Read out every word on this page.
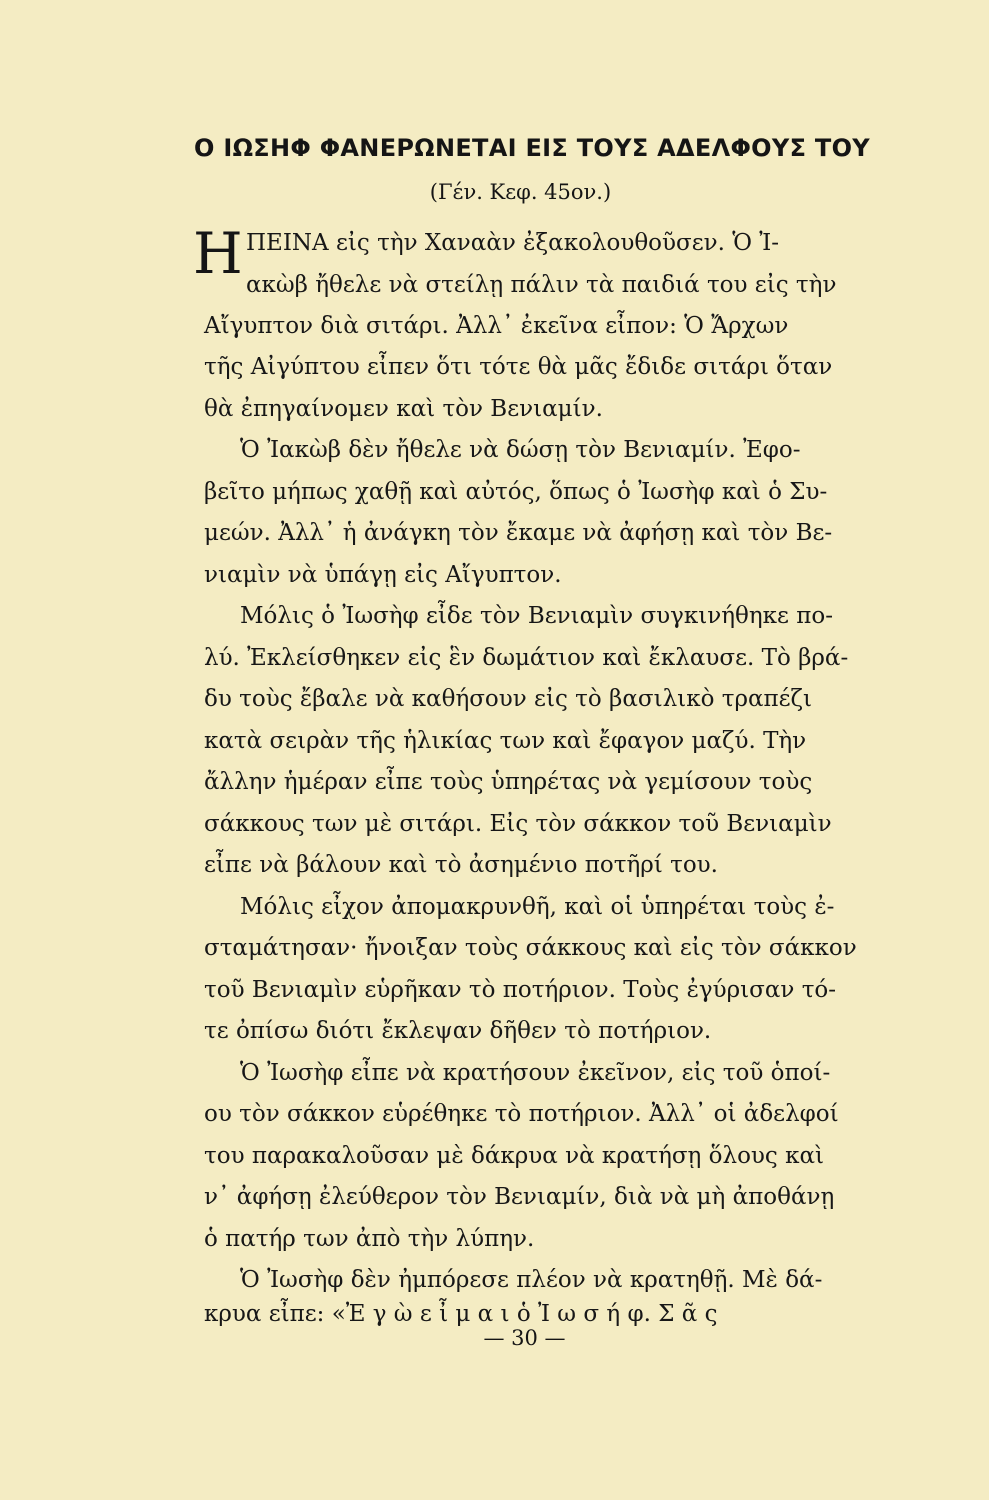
Ο ΙΩΣΗΦ ΦΑΝΕΡΩΝΕΤΑΙ ΕΙΣ ΤΟΥΣ ΑΔΕΛΦΟΥΣ ΤΟΥ
(Γέν. Κεφ. 45ον.)
Η ΠΕΙΝΑ εἰς τὴν Χαναὰν ἐξακολουθοῦσεν. Ὁ Ἰ-
ακὼβ ἤθελε νὰ στείλῃ πάλιν τὰ παιδιά του εἰς τὴν
Αἴγυπτον διὰ σιτάρι. Ἀλλ᾽ ἐκεῖνα εἶπον: Ὁ Ἄρχων
τῆς Αἰγύπτου εἶπεν ὅτι τότε θὰ μᾶς ἔδιδε σιτάρι ὅταν
θὰ ἐπηγαίνομεν καὶ τὸν Βενιαμίν.
Ὁ Ἰακὼβ δὲν ἤθελε νὰ δώσῃ τὸν Βενιαμίν. Ἐφο-
βεῖτο μήπως χαθῇ καὶ αὐτός, ὅπως ὁ Ἰωσὴφ καὶ ὁ Συ-
μεών. Ἀλλ᾽ ἡ ἀνάγκη τὸν ἔκαμε νὰ ἀφήσῃ καὶ τὸν Βε-
νιαμὶν νὰ ὑπάγῃ εἰς Αἴγυπτον.
Μόλις ὁ Ἰωσὴφ εἶδε τὸν Βενιαμὶν συγκινήθηκε πο-
λύ. Ἐκλείσθηκεν εἰς ἓν δωμάτιον καὶ ἔκλαυσε. Τὸ βρά-
δυ τοὺς ἔβαλε νὰ καθήσουν εἰς τὸ βασιλικὸ τραπέζι
κατὰ σειρὰν τῆς ἡλικίας των καὶ ἔφαγον μαζύ. Τὴν
ἄλλην ἡμέραν εἶπε τοὺς ὑπηρέτας νὰ γεμίσουν τοὺς
σάκκους των μὲ σιτάρι. Εἰς τὸν σάκκον τοῦ Βενιαμὶν
εἶπε νὰ βάλουν καὶ τὸ ἀσημένιο ποτῆρί του.
Μόλις εἶχον ἀπομακρυνθῆ, καὶ οἱ ὑπηρέται τοὺς ἐ-
σταμάτησαν· ἤνοιξαν τοὺς σάκκους καὶ εἰς τὸν σάκκον
τοῦ Βενιαμὶν εὑρῆκαν τὸ ποτήριον. Τοὺς ἐγύρισαν τό-
τε ὀπίσω διότι ἔκλεψαν δῆθεν τὸ ποτήριον.
Ὁ Ἰωσὴφ εἶπε νὰ κρατήσουν ἐκεῖνον, εἰς τοῦ ὁποί-
ου τὸν σάκκον εὑρέθηκε τὸ ποτήριον. Ἀλλ᾽ οἱ ἀδελφοί
του παρακαλοῦσαν μὲ δάκρυα νὰ κρατήσῃ ὅλους καὶ
ν᾽ ἀφήσῃ ἐλεύθερον τὸν Βενιαμίν, διὰ νὰ μὴ ἀποθάνῃ
ὁ πατήρ των ἀπὸ τὴν λύπην.
Ὁ Ἰωσὴφ δὲν ἠμπόρεσε πλέον νὰ κρατηθῇ. Μὲ δά-
κρυα εἶπε: «Ἐ γ ὼ ε ἶ μ α ι ὁ Ἰ ω σ ή φ. Σ ᾶ ς
— 30 —
